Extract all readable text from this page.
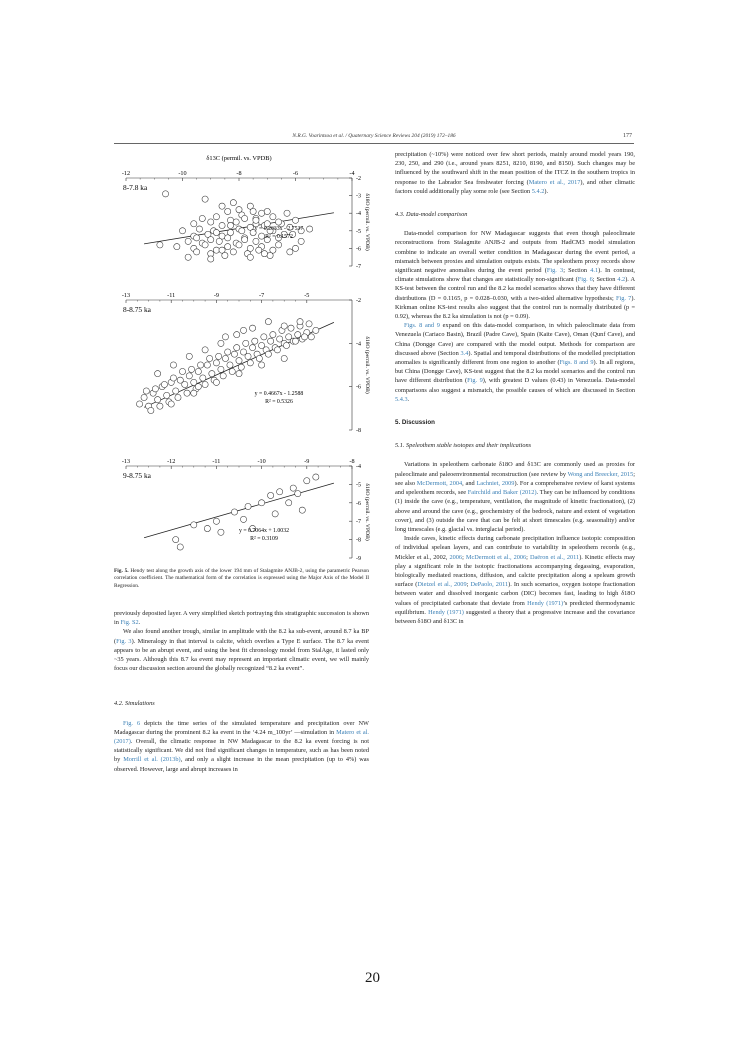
N.R.G. Voarintsoa et al. / Quaternary Science Reviews 204 (2019) 172–186	177
δ13C (permil. vs. VPDB)
-12	-10	-8	-6	-4
-2
-3
-4
-5
-6
-7
δ18O (permil. vs. VPDB)
8-7.8 ka
y = 0.2633x - 2.7537
R² = 0.1572
-13	-11	-9	-7	-5
-2
-4
-6
-8
δ18O (permil. vs. VPDB)
8-8.75 ka
y = 0.4667x - 1.2588
R² = 0.5326
-13	-12	-11	-10	-9	-8
-4
-5
-6
-7
-8
-9
δ18O (permil. vs. VPDB)
9-8.75 ka
y = 0.7064x + 1.0032
R² = 0.3109
Fig. 5. Hendy test along the growth axis of the lower 194 mm of Stalagmite ANJB-2, using the parametric Pearson correlation coefficient. The mathematical form of the correlation is expressed using the Major Axis of the Model II Regression.

previously deposited layer. A very simplified sketch portraying this stratigraphic succession is shown in Fig. S2.

We also found another trough, similar in amplitude with the 8.2 ka sub-event, around 8.7 ka BP (Fig. 3). Mineralogy in that interval is calcite, which overlies a Type E surface. The 8.7 ka event appears to be an abrupt event, and using the best fit chronology model from StalAge, it lasted only ~35 years. Although this 8.7 ka event may represent an important climatic event, we will mainly focus our discussion section around the globally recognized “8.2 ka event”.

4.2. Simulations

Fig. 6 depicts the time series of the simulated temperature and precipitation over NW Madagascar during the prominent 8.2 ka event in the ‘4.24 m_100yr’ —simulation in Matero et al. (2017). Overall, the climatic response in NW Madagascar to the 8.2 ka event forcing is not statistically significant. We did not find significant changes in temperature, such as has been noted by Morrill et al. (2013b), and only a slight increase in the mean precipitation (up to 4%) was observed. However, large and abrupt increases in

precipitation (~10%) were noticed over few short periods, mainly around model years 190, 230, 250, and 290 (i.e., around years 8251, 8210, 8190, and 8150). Such changes may be influenced by the southward shift in the mean position of the ITCZ in the southern tropics in response to the Labrador Sea freshwater forcing (Matero et al., 2017), and other climatic factors could additionally play some role (see Section 5.4.2).

4.3. Data-model comparison

Data-model comparison for NW Madagascar suggests that even though paleoclimate reconstructions from Stalagmite ANJB-2 and outputs from HadCM3 model simulation combine to indicate an overall wetter condition in Madagascar during the event period, a mismatch between proxies and simulation outputs exists. The speleothem proxy records show significant negative anomalies during the event period (Fig. 3; Section 4.1). In contrast, climate simulations show that changes are statistically non-significant (Fig. 6; Section 4.2). A KS-test between the control run and the 8.2 ka model scenarios shows that they have different distributions (D = 0.1165, p = 0.028–0.030, with a two-sided alternative hypothesis; Fig. 7). Kirkman online KS-test results also suggest that the control run is normally distributed (p = 0.92), whereas the 8.2 ka simulation is not (p = 0.09).

Figs. 8 and 9 expand on this data-model comparison, in which paleoclimate data from Venezuela (Cariaco Basin), Brazil (Padre Cave), Spain (Kaite Cave), Oman (Qunf Cave), and China (Dongge Cave) are compared with the model output. Methods for comparison are discussed above (Section 3.4). Spatial and temporal distributions of the modelled precipitation anomalies is significantly different from one region to another (Figs. 8 and 9). In all regions, but China (Dongge Cave), KS-test suggest that the 8.2 ka model scenarios and the control run have different distribution (Fig. 9), with greatest D values (0.43) in Venezuela. Data-model comparisons also suggest a mismatch, the possible causes of which are discussed in Section 5.4.3.

5. Discussion

5.1. Speleothem stable isotopes and their implications

Variations in speleothem carbonate δ18O and δ13C are commonly used as proxies for paleoclimate and paleoenvironmental reconstruction (see review by Wong and Breecker, 2015; see also McDermott, 2004, and Lachniet, 2009). For a comprehensive review of karst systems and speleothem records, see Fairchild and Baker (2012). They can be influenced by conditions (1) inside the cave (e.g., temperature, ventilation, the magnitude of kinetic fractionation), (2) above and around the cave (e.g., geochemistry of the bedrock, nature and extent of vegetation cover), and (3) outside the cave that can be felt at short timescales (e.g. seasonality) and/or long timescales (e.g. glacial vs. interglacial period).

Inside caves, kinetic effects during carbonate precipitation influence isotopic composition of individual spelean layers, and can contribute to variability in speleothem records (e.g., Mickler et al., 2002, 2006; McDermott et al., 2006; Daëron et al., 2011). Kinetic effects may play a significant role in the isotopic fractionations accompanying degassing, evaporation, biologically mediated reactions, diffusion, and calcite precipitation along a speleam growth surface (Dietzel et al., 2009; DePaolo, 2011). In such scenarios, oxygen isotope fractionation between water and dissolved inorganic carbon (DIC) becomes fast, leading to high δ18O values of precipitated carbonate that deviate from Hendy (1971)’s predicted thermodynamic equilibrium. Hendy (1971) suggested a theory that a progressive increase and the covariance between δ18O and δ13C in

20
